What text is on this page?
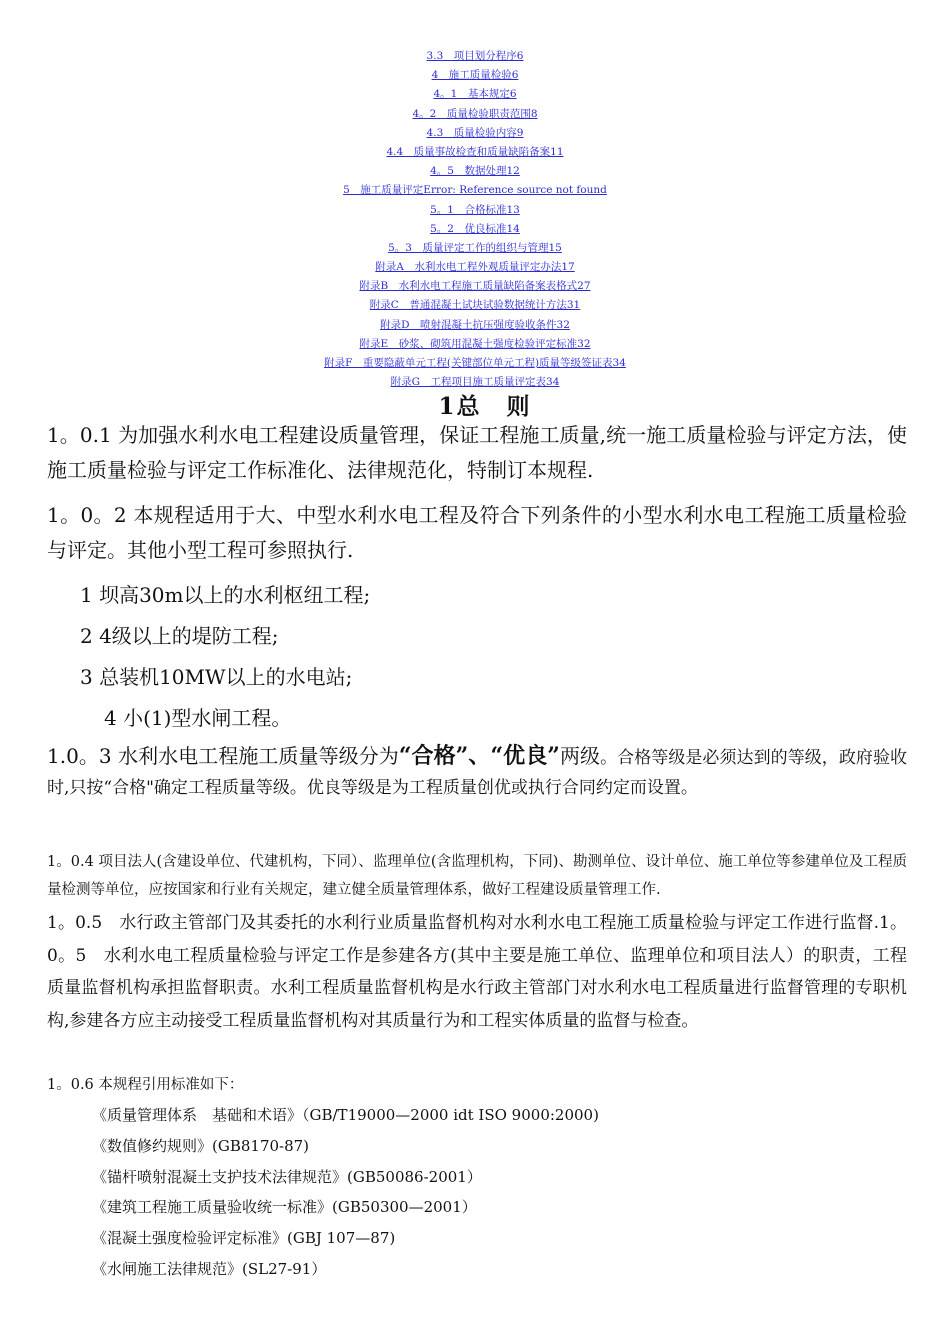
3.3　项目划分程序6
4　施工质量检验6
4。1　基本规定6
4。2　质量检验职责范围8
4.3　质量检验内容9
4.4　质量事故检查和质量缺陷备案11
4。5　数据处理12
5　施工质量评定Error: Reference source not found
5。1　合格标准13
5。2　优良标准14
5。3　质量评定工作的组织与管理15
附录A　水利水电工程外观质量评定办法17
附录B　水利水电工程施工质量缺陷备案表格式27
附录C　普通混凝土试块试验数据统计方法31
附录D　喷射混凝土抗压强度验收条件32
附录E　砂浆、砌筑用混凝土强度检验评定标准32
附录F　重要隐蔽单元工程(关键部位单元工程)质量等级签证表34
附录G　工程项目施工质量评定表34
1总　则
1。0.1 为加强水利水电工程建设质量管理，保证工程施工质量,统一施工质量检验与评定方法，使施工质量检验与评定工作标准化、法律规范化，特制订本规程.
1。0。2 本规程适用于大、中型水利水电工程及符合下列条件的小型水利水电工程施工质量检验与评定。其他小型工程可参照执行.
1 坝高30m以上的水利枢纽工程;
2 4级以上的堤防工程;
3 总装机10MW以上的水电站;
4 小(1)型水闸工程。
1.0。3 水利水电工程施工质量等级分为“合格”、“优良”两级。合格等级是必须达到的等级，政府验收时,只按“合格"确定工程质量等级。优良等级是为工程质量创优或执行合同约定而设置。
1。0.4 项目法人(含建设单位、代建机构，下同）、监理单位(含监理机构，下同)、勘测单位、设计单位、施工单位等参建单位及工程质量检测等单位，应按国家和行业有关规定，建立健全质量管理体系，做好工程建设质量管理工作.
1。0.5　水行政主管部门及其委托的水利行业质量监督机构对水利水电工程施工质量检验与评定工作进行监督.1。0。5　水利水电工程质量检验与评定工作是参建各方(其中主要是施工单位、监理单位和项目法人）的职责，工程质量监督机构承担监督职责。水利工程质量监督机构是水行政主管部门对水利水电工程质量进行监督管理的专职机构,参建各方应主动接受工程质量监督机构对其质量行为和工程实体质量的监督与检查。
1。0.6 本规程引用标准如下：
《质量管理体系　基础和术语》（GB/T19000—2000 idt ISO 9000:2000)
《数值修约规则》(GB8170-87)
《锚杆喷射混凝土支护技术法律规范》(GB50086-2001）
《建筑工程施工质量验收统一标准》(GB50300—2001）
《混凝土强度检验评定标准》(GBJ 107—87)
《水闸施工法律规范》(SL27-91）
